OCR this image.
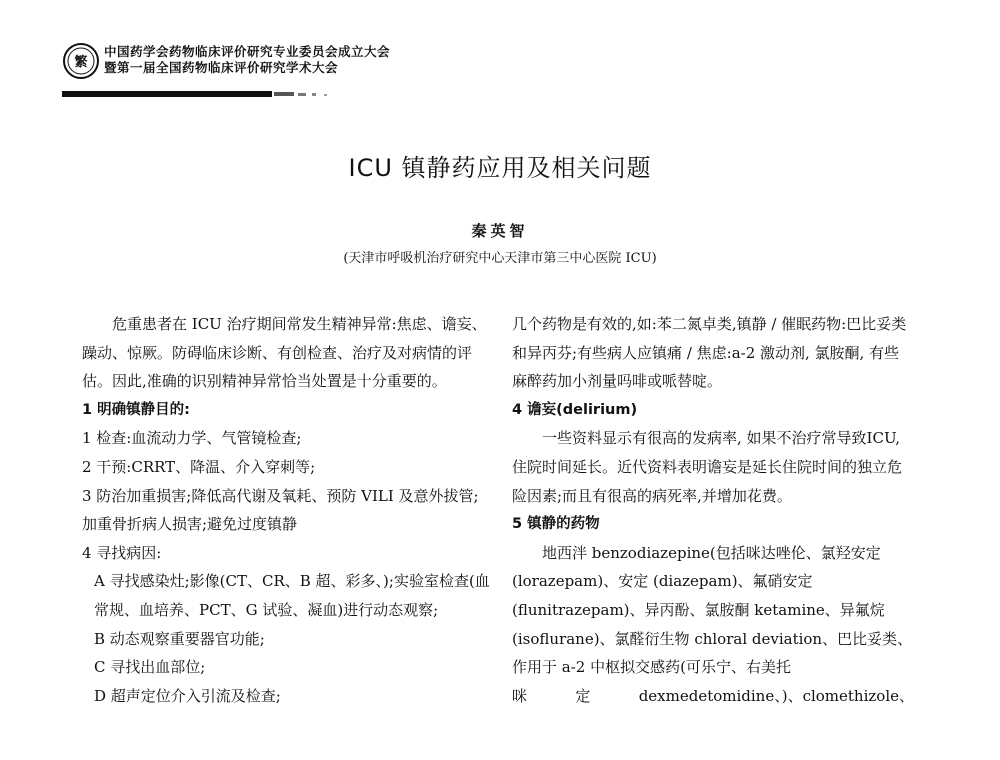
繁
中国药学会药物临床评价研究专业委员会成立大会
暨第一届全国药物临床评价研究学术大会
ICU 镇静药应用及相关问题
秦英智
(天津市呼吸机治疗研究中心天津市第三中心医院 ICU)

危重患者在 ICU 治疗期间常发生精神异常:焦虑、谵妄、躁动、惊厥。防碍临床诊断、有创检查、治疗及对病情的评估。因此,准确的识别精神异常恰当处置是十分重要的。

1 明确镇静目的:

1 检查:血流动力学、气管镜检查;

2 干预:CRRT、降温、介入穿刺等;

3 防治加重损害;降低高代谢及氧耗、预防 VILI 及意外拔管;加重骨折病人损害;避免过度镇静

4 寻找病因:

A 寻找感染灶;影像(CT、CR、B 超、彩多、);实验室检查(血常规、血培养、PCT、G 试验、凝血)进行动态观察;

B 动态观察重要器官功能;

C 寻找出血部位;

D 超声定位介入引流及检查;

几个药物是有效的,如:苯二氮卓类,镇静 / 催眠药物:巴比妥类和异丙芬;有些病人应镇痛 / 焦虑:a-2 激动剂, 氯胺酮, 有些麻醉药加小剂量吗啡或哌替啶。

4 谵妄(delirium)

一些资料显示有很高的发病率, 如果不治疗常导致ICU,住院时间延长。近代资料表明谵妄是延长住院时间的独立危险因素;而且有很高的病死率,并增加花费。

5 镇静的药物

地西泮 benzodiazepine(包括咪达唑伦、氯羟安定 (lorazepam)、安定 (diazepam)、氟硝安定(flunitrazepam)、异丙酚、氯胺酮 ketamine、异氟烷(isoflurane)、氯醛衍生物 chloral deviation、巴比妥类、作用于 a-2 中枢拟交感药(可乐宁、右美托

咪	定	dexmedetomidine、)、clomethizole、
